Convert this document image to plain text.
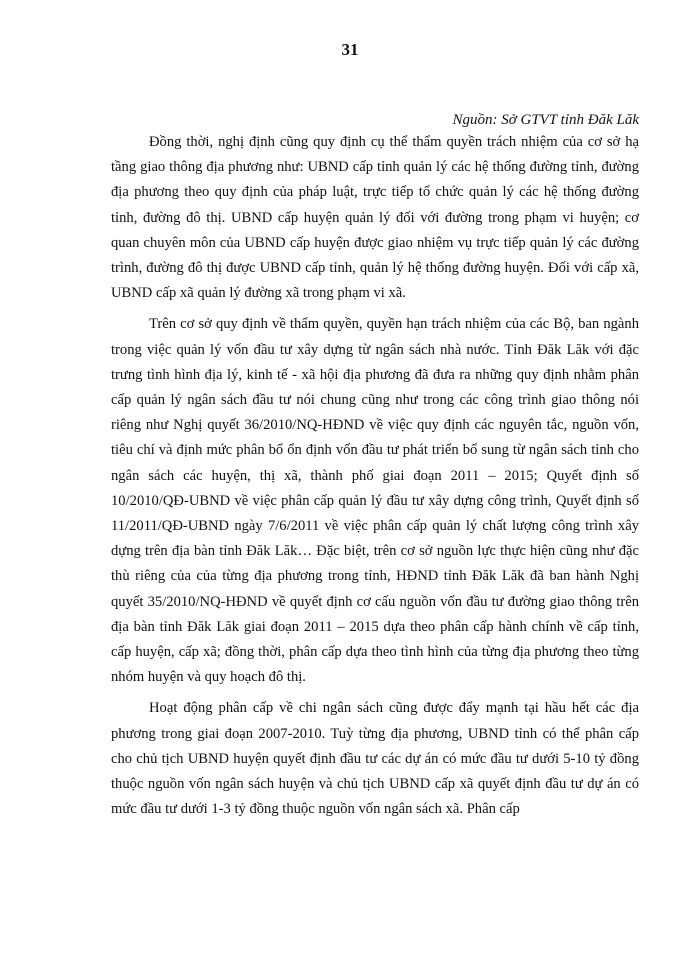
31
Nguồn: Sở GTVT tỉnh Đăk Lăk

Đồng thời, nghị định cũng quy định cụ thể thẩm quyền trách nhiệm của cơ sở hạ tầng giao thông địa phương như: UBND cấp tỉnh quản lý các hệ thống đường tỉnh, đường địa phương theo quy định của pháp luật, trực tiếp tổ chức quản lý các hệ thống đường tỉnh, đường đô thị. UBND cấp huyện quản lý đối với đường trong phạm vi huyện; cơ quan chuyên môn của UBND cấp huyện được giao nhiệm vụ trực tiếp quản lý các đường trình, đường đô thị được UBND cấp tỉnh, quản lý hệ thống đường huyện. Đối với cấp xã, UBND cấp xã quản lý đường xã trong phạm vi xã.

Trên cơ sở quy định về thẩm quyền, quyền hạn trách nhiệm của các Bộ, ban ngành trong việc quản lý vốn đầu tư xây dựng từ ngân sách nhà nước. Tỉnh Đăk Lăk với đặc trưng tình hình địa lý, kinh tế - xã hội địa phương đã đưa ra những quy định nhằm phân cấp quản lý ngân sách đầu tư nói chung cũng như trong các công trình giao thông nói riêng như Nghị quyết 36/2010/NQ-HĐND về việc quy định các nguyên tắc, nguồn vốn, tiêu chí và định mức phân bổ ổn định vốn đầu tư phát triển bổ sung từ ngân sách tỉnh cho ngân sách các huyện, thị xã, thành phố giai đoạn 2011 – 2015; Quyết định số 10/2010/QĐ-UBND về việc phân cấp quản lý đầu tư xây dựng công trình, Quyết định số 11/2011/QĐ-UBND ngày 7/6/2011 về việc phân cấp quản lý chất lượng công trình xây dựng trên địa bàn tỉnh Đăk Lăk… Đặc biệt, trên cơ sở nguồn lực thực hiện cũng như đặc thù riêng của của từng địa phương trong tỉnh, HĐND tỉnh Đăk Lăk đã ban hành Nghị quyết 35/2010/NQ-HĐND về quyết định cơ cấu nguồn vốn đầu tư đường giao thông trên địa bàn tỉnh Đăk Lăk giai đoạn 2011 – 2015 dựa theo phân cấp hành chính về cấp tỉnh, cấp huyện, cấp xã; đồng thời, phân cấp dựa theo tình hình của từng địa phương theo từng nhóm huyện và quy hoạch đô thị.

Hoạt động phân cấp về chi ngân sách cũng được đẩy mạnh tại hầu hết các địa phương trong giai đoạn 2007-2010. Tuỳ từng địa phương, UBND tỉnh có thể phân cấp cho chủ tịch UBND huyện quyết định đầu tư các dự án có mức đầu tư dưới 5-10 tỷ đồng thuộc nguồn vốn ngân sách huyện và chủ tịch UBND cấp xã quyết định đầu tư dự án có mức đầu tư dưới 1-3 tỷ đồng thuộc nguồn vốn ngân sách xã. Phân cấp
